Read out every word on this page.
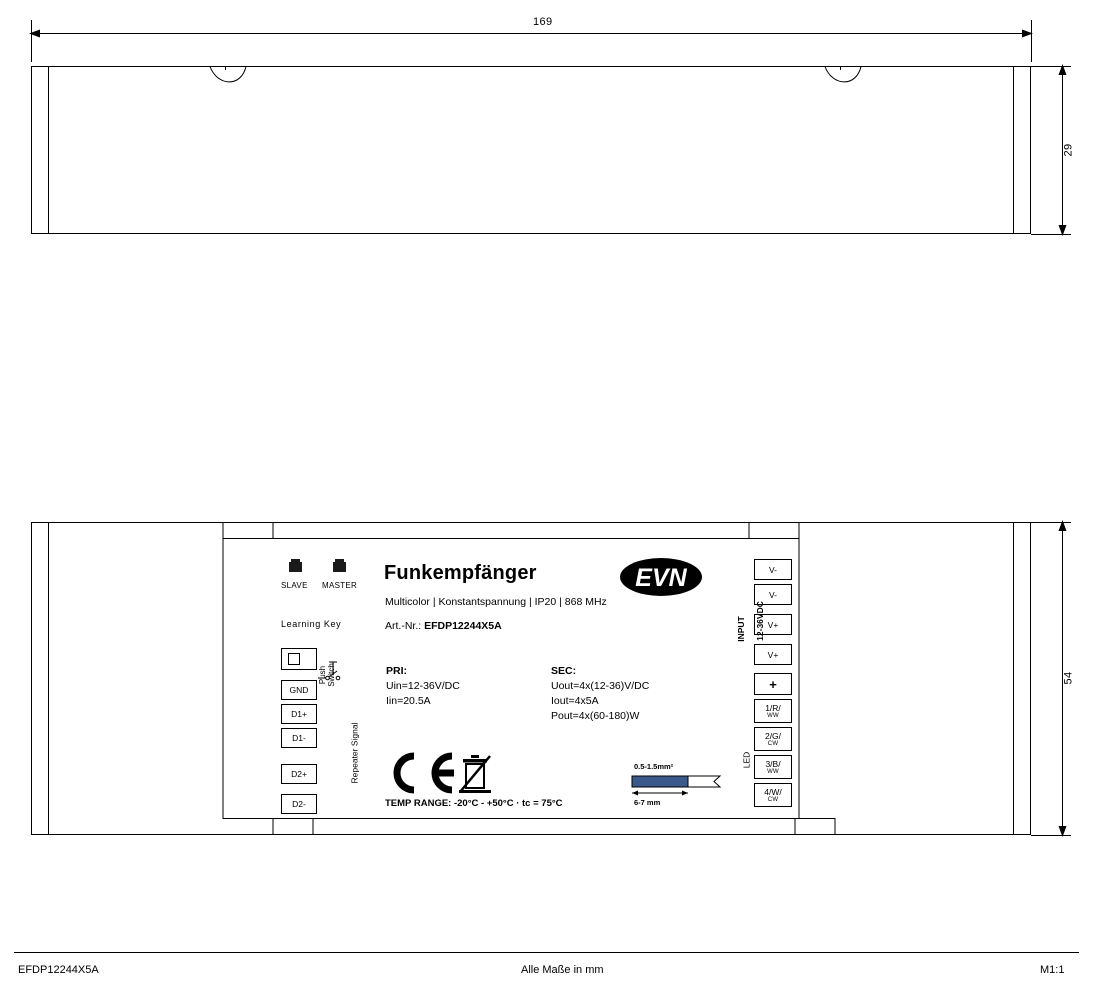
169
29
54
SLAVE MASTER
Learning Key
Funkempfänger
Multicolor | Konstantspannung | IP20 | 868 MHz
Art.-Nr.: EFDP12244X5A
EVN
PRI:
Uin=12-36V/DC
Iin=20.5A
SEC:
Uout=4x(12-36)V/DC
Iout=4x5A
Pout=4x(60-180)W
TEMP RANGE: -20°C - +50°C · tc = 75°C
0.5-1.5mm²
6-7 mm
Push
Switch
GND
D1+
D1-
D2+
D2-
Repeater Signal
V-
V-
V+
V+
INPUT 12-36VDC
+
1/R/
WW
2/G/
CW
3/B/
WW
4/W/
CW
LED
EFDP12244X5A	Alle Maße in mm	M1:1
